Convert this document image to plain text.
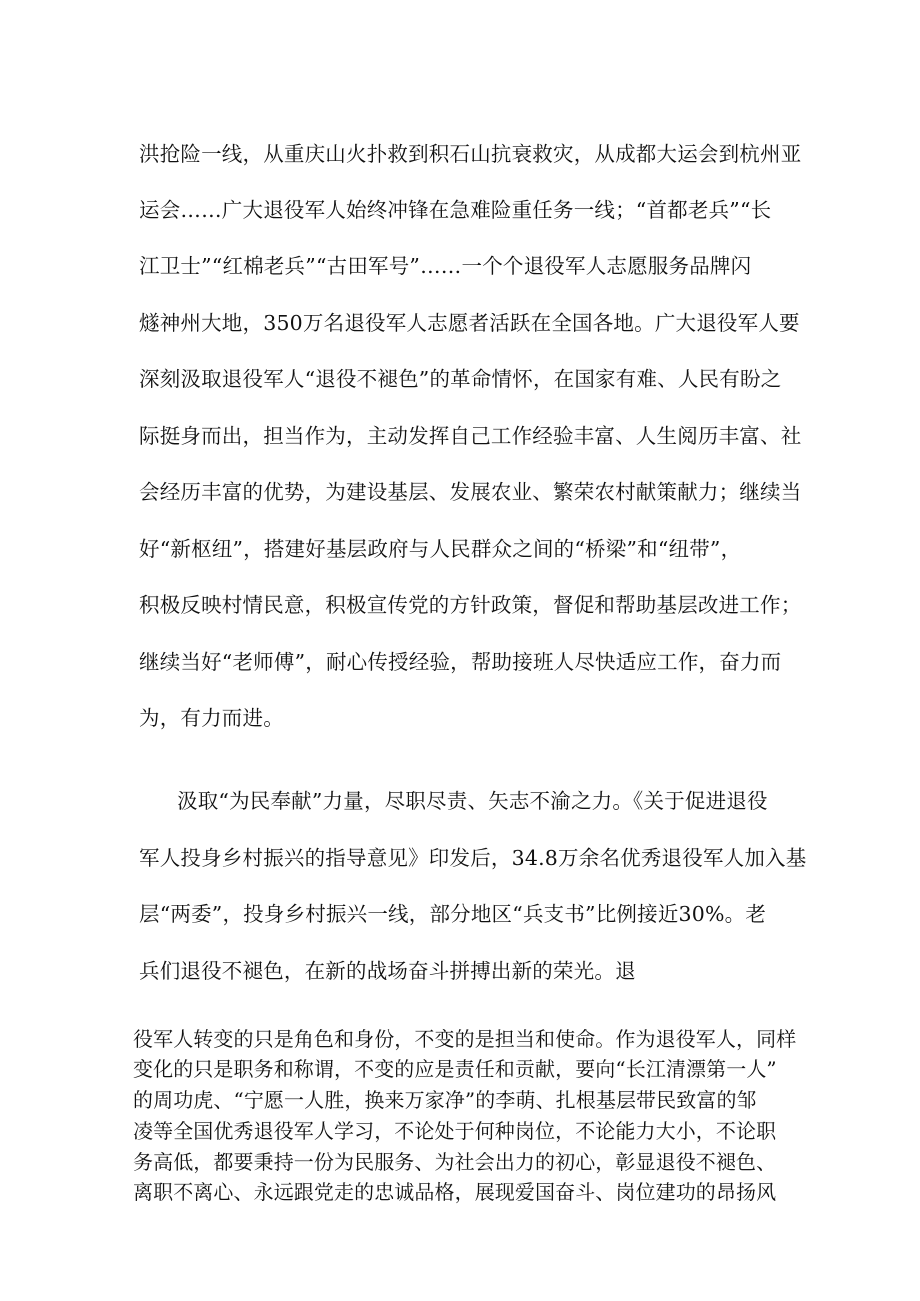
洪抢险一线，从重庆山火扑救到积石山抗衰救灾，从成都大运会到杭州亚
运会……广大退役军人始终冲锋在急难险重任务一线；“首都老兵”“长
江卫士”“红棉老兵”“古田军号”……一个个退役军人志愿服务品牌闪
燧神州大地，350万名退役军人志愿者活跃在全国各地。广大退役军人要
深刻汲取退役军人“退役不褪色”的革命情怀，在国家有难、人民有盼之
际挺身而出，担当作为，主动发挥自己工作经验丰富、人生阅历丰富、社
会经历丰富的优势，为建设基层、发展农业、繁荣农村献策献力；继续当
好“新枢纽”，搭建好基层政府与人民群众之间的“桥梁”和“纽带”，
积极反映村情民意，积极宣传党的方针政策，督促和帮助基层改进工作；
继续当好“老师傅”，耐心传授经验，帮助接班人尽快适应工作，奋力而
为，有力而进。
汲取“为民奉献”力量，尽职尽责、矢志不渝之力。《关于促进退役
军人投身乡村振兴的指导意见》印发后，34.8万余名优秀退役军人加入基
层“两委”，投身乡村振兴一线，部分地区“兵支书”比例接近30%。老
兵们退役不褪色，在新的战场奋斗拼搏出新的荣光。退
役军人转变的只是角色和身份，不变的是担当和使命。作为退役军人，同样
变化的只是职务和称谓，不变的应是责任和贡献，要向“长江清漂第一人”
的周功虎、“宁愿一人胜，换来万家净”的李萌、扎根基层带民致富的邹
凌等全国优秀退役军人学习，不论处于何种岗位，不论能力大小，不论职
务高低，都要秉持一份为民服务、为社会出力的初心，彰显退役不褪色、
离职不离心、永远跟党走的忠诚品格，展现爱国奋斗、岗位建功的昂扬风
